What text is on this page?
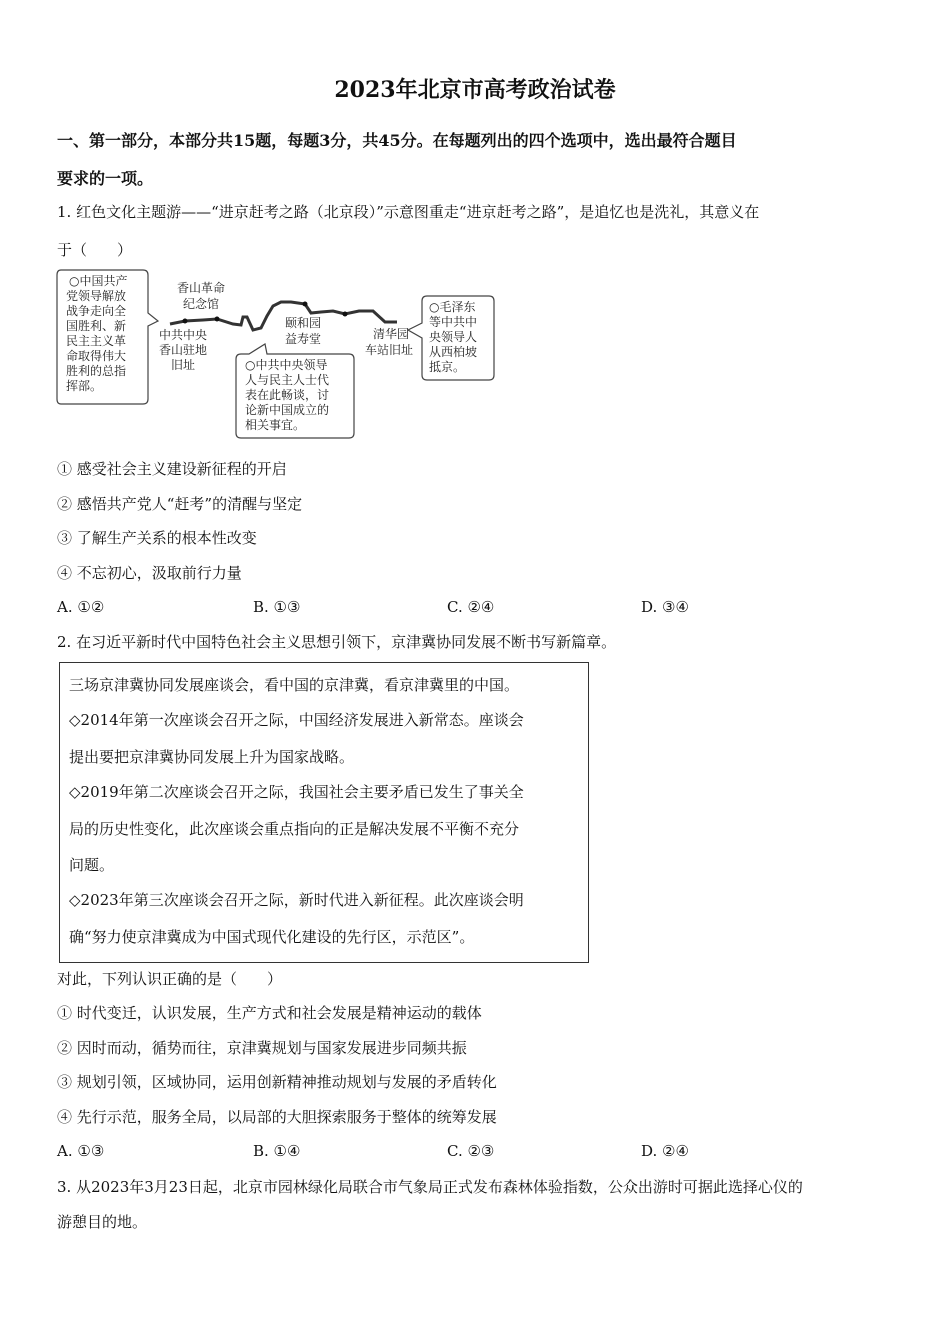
2023年北京市高考政治试卷
一、第一部分，本部分共15题，每题3分，共45分。在每题列出的四个选项中，选出最符合题目
要求的一项。
1. 红色文化主题游——“进京赶考之路（北京段）”示意图重走“进京赶考之路”，是追忆也是洗礼，其意义在
于（　　）
○中国共产 党领导解放 战争走向全 国胜利、新 民主主义革 命取得伟大 胜利的总指 挥部。
香山革命 纪念馆
中共中央 香山驻地 旧址
颐和园 益寿堂	清华园 车站旧址
○中共中央领导 人与民主人士代 表在此畅谈，讨 论新中国成立的 相关事宜。
○毛泽东 等中共中 央领导人 从西柏坡 抵京。
① 感受社会主义建设新征程的开启
② 感悟共产党人“赶考”的清醒与坚定
③ 了解生产关系的根本性改变
④ 不忘初心，汲取前行力量
A. ①②	B. ①③	C. ②④	D. ③④
2. 在习近平新时代中国特色社会主义思想引领下，京津冀协同发展不断书写新篇章。
三场京津冀协同发展座谈会，看中国的京津冀，看京津冀里的中国。
◇2014年第一次座谈会召开之际，中国经济发展进入新常态。座谈会
提出要把京津冀协同发展上升为国家战略。
◇2019年第二次座谈会召开之际，我国社会主要矛盾已发生了事关全
局的历史性变化，此次座谈会重点指向的正是解决发展不平衡不充分
问题。
◇2023年第三次座谈会召开之际，新时代进入新征程。此次座谈会明
确“努力使京津冀成为中国式现代化建设的先行区，示范区”。
对此，下列认识正确的是（　　）
① 时代变迁，认识发展，生产方式和社会发展是精神运动的载体
② 因时而动，循势而往，京津冀规划与国家发展进步同频共振
③ 规划引领，区域协同，运用创新精神推动规划与发展的矛盾转化
④ 先行示范，服务全局，以局部的大胆探索服务于整体的统筹发展
A. ①③	B. ①④	C. ②③	D. ②④
3. 从2023年3月23日起，北京市园林绿化局联合市气象局正式发布森林体验指数，公众出游时可据此选择心仪的
游憩目的地。
